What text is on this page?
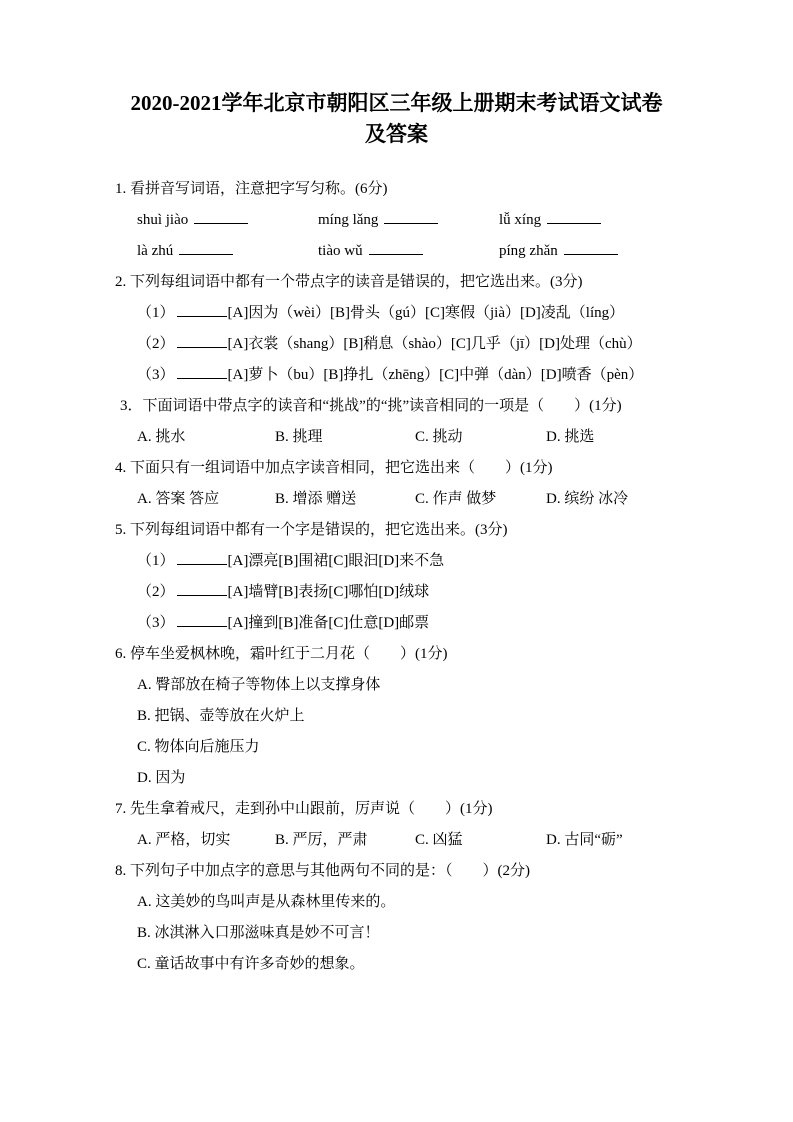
2020-2021学年北京市朝阳区三年级上册期末考试语文试卷
及答案

1. 看拼音写词语，注意把字写匀称。(6分)

shuì jiào	míng lǎng	lǚ xíng
là zhú	tiào wǔ	píng zhǎn

2. 下列每组词语中都有一个带点字的读音是错误的，把它选出来。(3分)

（1）	[A]因为（wèi）[B]骨头（gú）[C]寒假（jià）[D]凌乱（líng）

（2）	[A]衣裳（shang）[B]稍息（shào）[C]几乎（jī）[D]处理（chù）

（3）	[A]萝卜（bu）[B]挣扎（zhēng）[C]中弹（dàn）[D]喷香（pèn）

3．下面词语中带点字的读音和“挑战”的“挑”读音相同的一项是（　　）(1分)

A. 挑水	B. 挑理	C. 挑动	D. 挑选

4. 下面只有一组词语中加点字读音相同，把它选出来（　　）(1分)

A. 答案 答应	B. 增添 赠送	C. 作声 做梦	D. 缤纷 冰冷

5. 下列每组词语中都有一个字是错误的，把它选出来。(3分)

（1）	[A]漂亮[B]围裙[C]眼汩[D]来不急

（2）	[A]墙臂[B]表扬[C]哪怕[D]绒球

（3）	[A]撞到[B]准备[C]仕意[D]邮票

6. 停车坐爱枫林晚，霜叶红于二月花（　　）(1分)

A. 臀部放在椅子等物体上以支撑身体

B. 把锅、壶等放在火炉上

C. 物体向后施压力

D. 因为

7. 先生拿着戒尺，走到孙中山跟前，厉声说（　　）(1分)

A. 严格，切实	B. 严厉，严肃	C. 凶猛	D. 古同“砺”

8. 下列句子中加点字的意思与其他两句不同的是：（　　）(2分)

A. 这美妙的鸟叫声是从森林里传来的。

B. 冰淇淋入口那滋味真是妙不可言！

C. 童话故事中有许多奇妙的想象。
